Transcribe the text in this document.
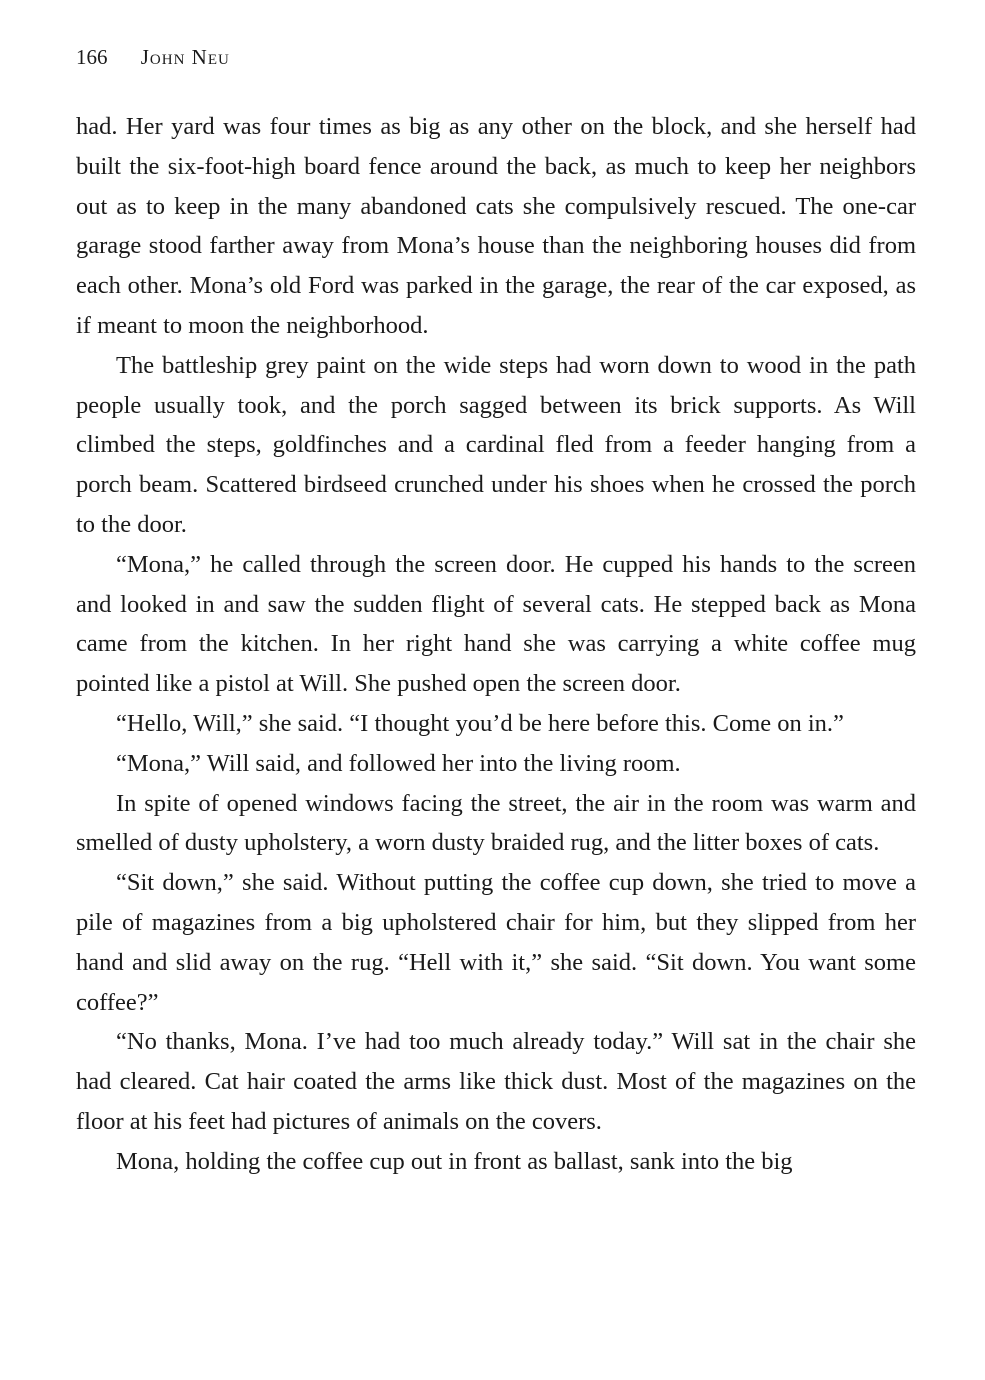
166 John Neu

had. Her yard was four times as big as any other on the block, and she herself had built the six-foot-high board fence around the back, as much to keep her neighbors out as to keep in the many abandoned cats she compulsively rescued. The one-car garage stood farther away from Mona’s house than the neighboring houses did from each other. Mona’s old Ford was parked in the garage, the rear of the car exposed, as if meant to moon the neighborhood.

The battleship grey paint on the wide steps had worn down to wood in the path people usually took, and the porch sagged between its brick supports. As Will climbed the steps, goldfinches and a cardinal fled from a feeder hanging from a porch beam. Scattered birdseed crunched under his shoes when he crossed the porch to the door.

“Mona,” he called through the screen door. He cupped his hands to the screen and looked in and saw the sudden flight of several cats. He stepped back as Mona came from the kitchen. In her right hand she was carrying a white coffee mug pointed like a pistol at Will. She pushed open the screen door.

“Hello, Will,” she said. “I thought you’d be here before this. Come on in.”

“Mona,” Will said, and followed her into the living room.

In spite of opened windows facing the street, the air in the room was warm and smelled of dusty upholstery, a worn dusty braided rug, and the litter boxes of cats.

“Sit down,” she said. Without putting the coffee cup down, she tried to move a pile of magazines from a big upholstered chair for him, but they slipped from her hand and slid away on the rug. “Hell with it,” she said. “Sit down. You want some coffee?”

“No thanks, Mona. I’ve had too much already today.” Will sat in the chair she had cleared. Cat hair coated the arms like thick dust. Most of the magazines on the floor at his feet had pictures of animals on the covers.

Mona, holding the coffee cup out in front as ballast, sank into the big
